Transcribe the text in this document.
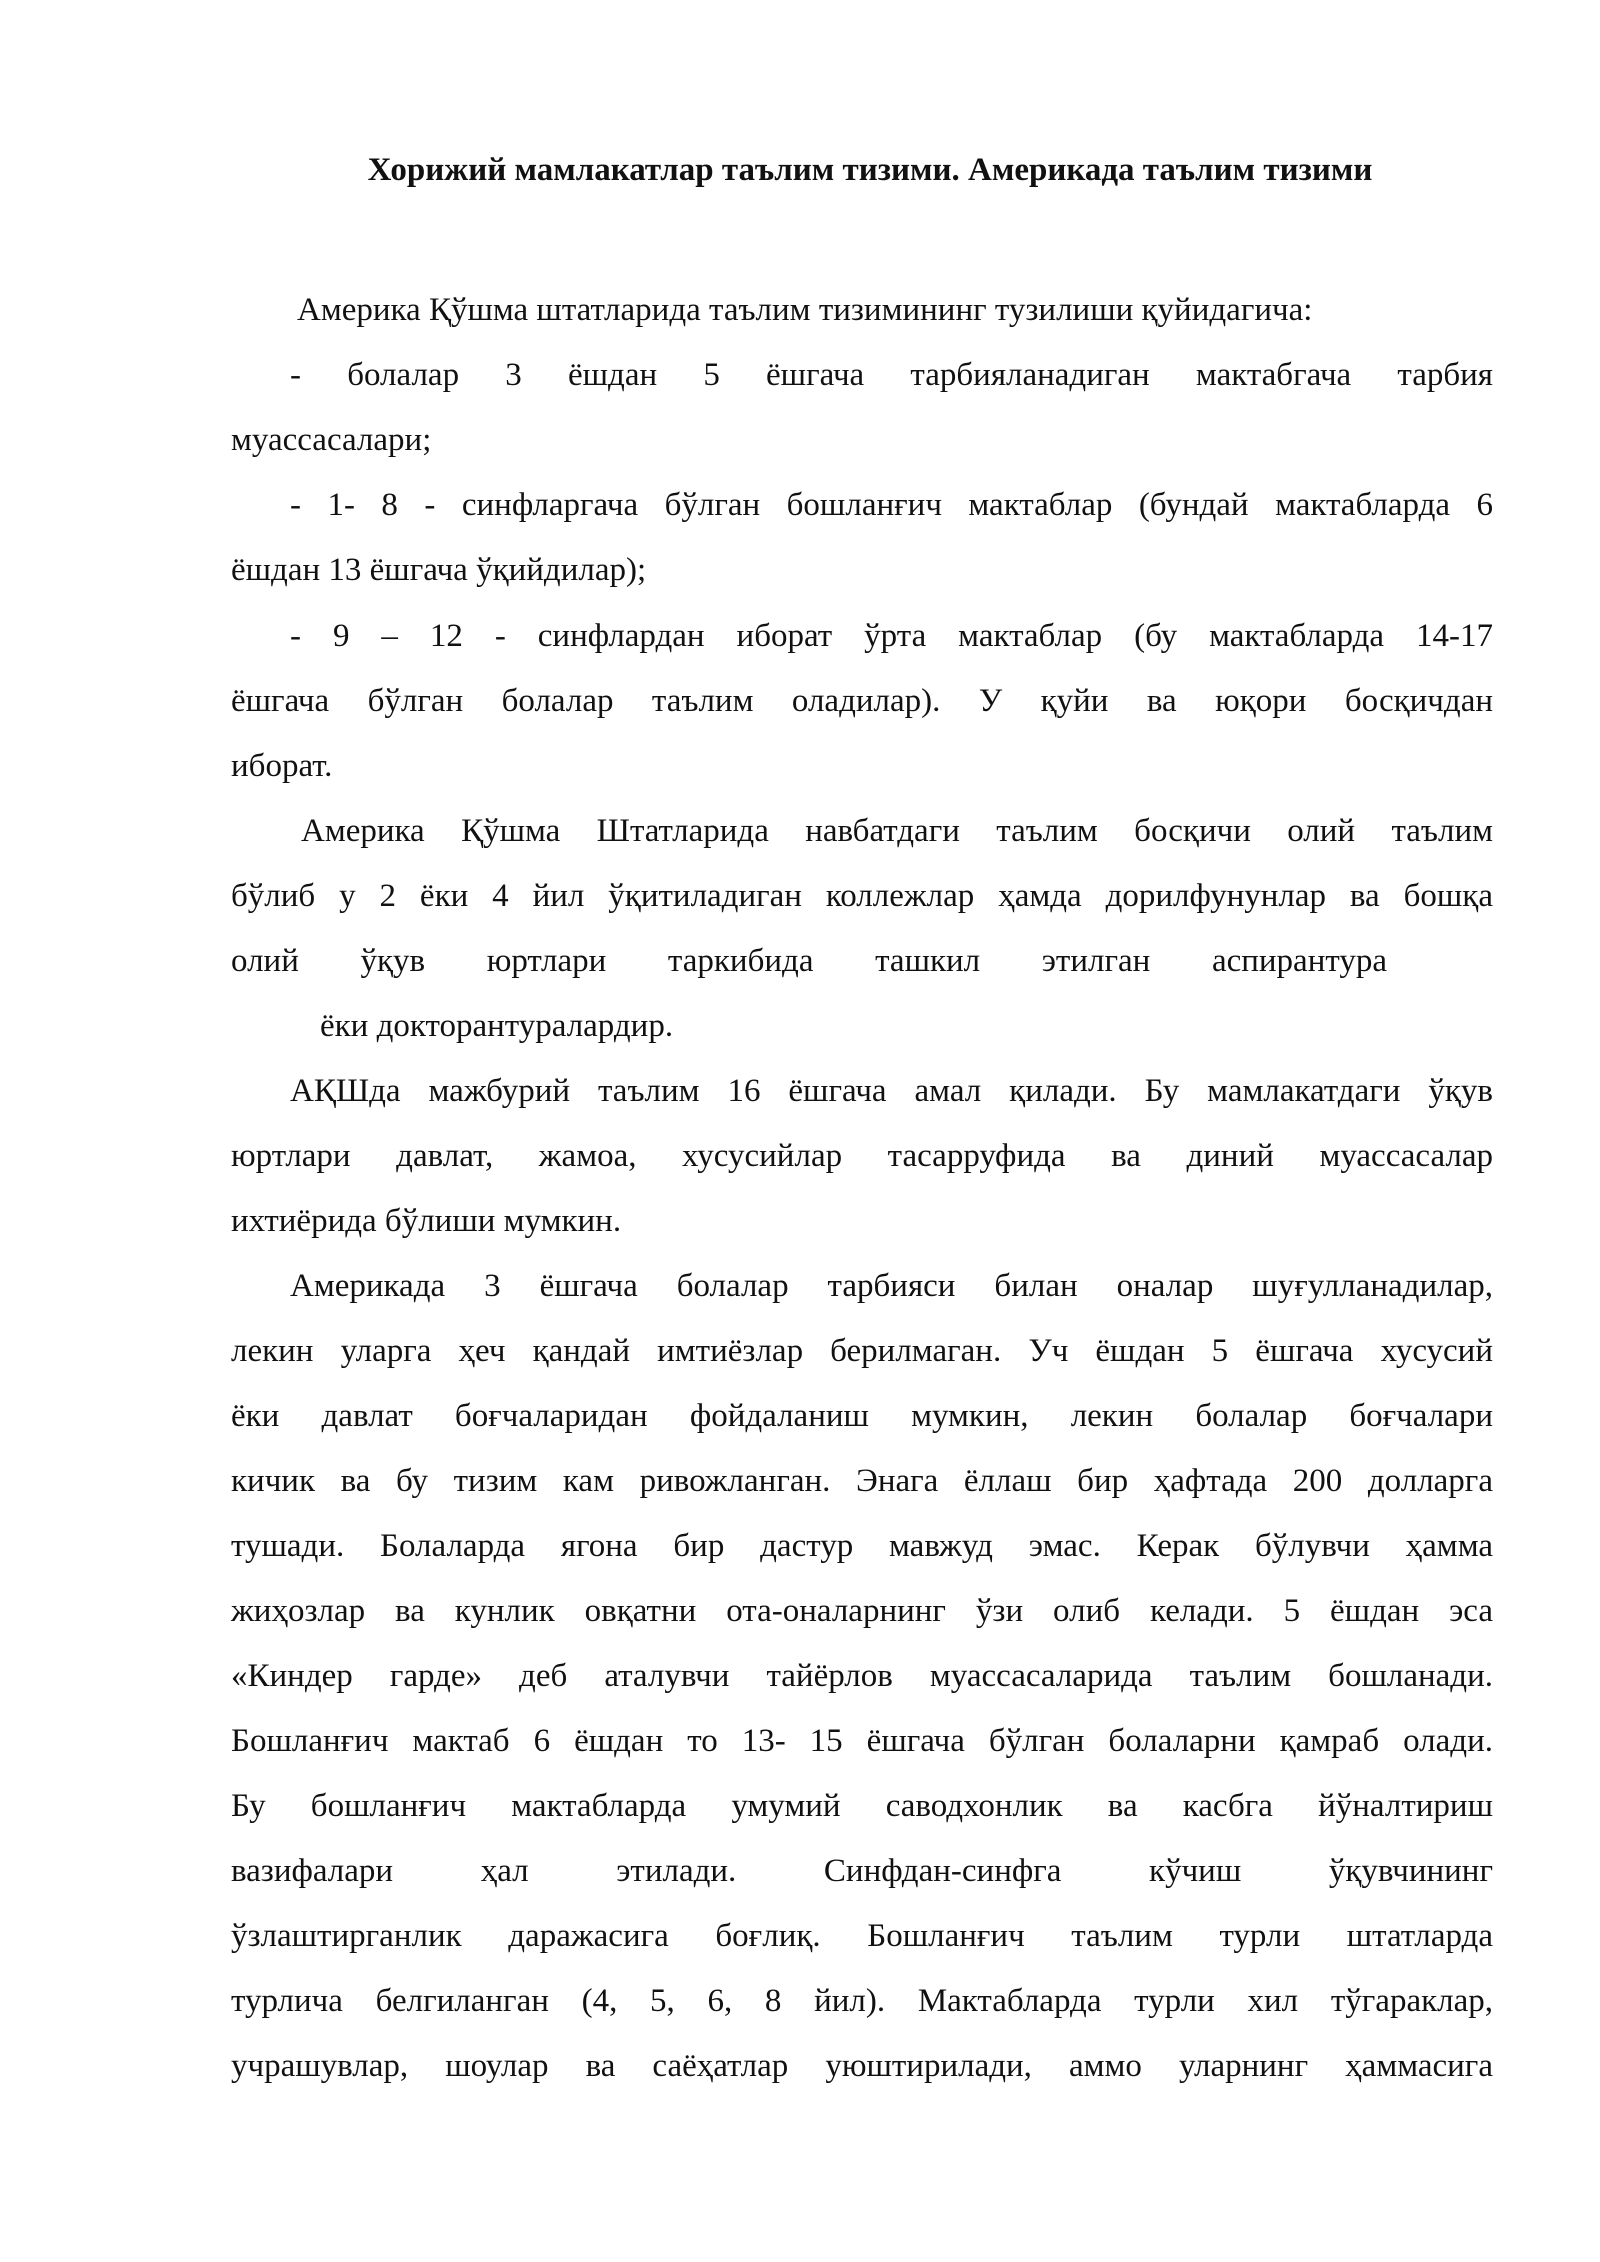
Хорижий мамлакатлар таълим тизими. Америкада таълим тизими
Америка Қўшма штатларида таълим тизимининг тузилиши қуйидагича:
- болалар 3 ёшдан 5 ёшгача тарбияланадиган мактабгача тарбия
муассасалари;
- 1- 8 - синфларгача бўлган бошланғич мактаблар (бундай мактабларда 6
ёшдан 13 ёшгача ўқийдилар);
- 9 – 12 - синфлардан иборат ўрта мактаблар (бу мактабларда 14-17
ёшгача бўлган болалар таълим оладилар). У қуйи ва юқори босқичдан
иборат.
Америка Қўшма Штатларида навбатдаги таълим босқичи олий таълим
бўлиб у 2 ёки 4 йил ўқитиладиган коллежлар ҳамда дорилфунунлар ва бошқа
олий ўқув юртлари таркибида ташкил этилган аспирантура
ёки докторантуралардир.
АҚШда мажбурий таълим 16 ёшгача амал қилади. Бу мамлакатдаги ўқув
юртлари давлат, жамоа, хусусийлар тасарруфида ва диний муассасалар
ихтиёрида бўлиши мумкин.
Америкада 3 ёшгача болалар тарбияси билан оналар шуғулланадилар,
лекин уларга ҳеч қандай имтиёзлар берилмаган. Уч ёшдан 5 ёшгача хусусий
ёки давлат боғчаларидан фойдаланиш мумкин, лекин болалар боғчалари
кичик ва бу тизим кам ривожланган. Энага ёллаш бир ҳафтада 200 долларга
тушади. Болаларда ягона бир дастур мавжуд эмас. Керак бўлувчи ҳамма
жиҳозлар ва кунлик овқатни ота-оналарнинг ўзи олиб келади. 5 ёшдан эса
«Киндер гарде» деб аталувчи тайёрлов муассасаларида таълим бошланади.
Бошланғич мактаб 6 ёшдан то 13- 15 ёшгача бўлган болаларни қамраб олади.
Бу бошланғич мактабларда умумий саводхонлик ва касбга йўналтириш
вазифалари ҳал этилади. Синфдан-синфга кўчиш ўқувчининг
ўзлаштирганлик даражасига боғлиқ. Бошланғич таълим турли штатларда
турлича белгиланган (4, 5, 6, 8 йил). Мактабларда турли хил тўгараклар,
учрашувлар, шоулар ва саёҳатлар уюштирилади, аммо уларнинг ҳаммасига
